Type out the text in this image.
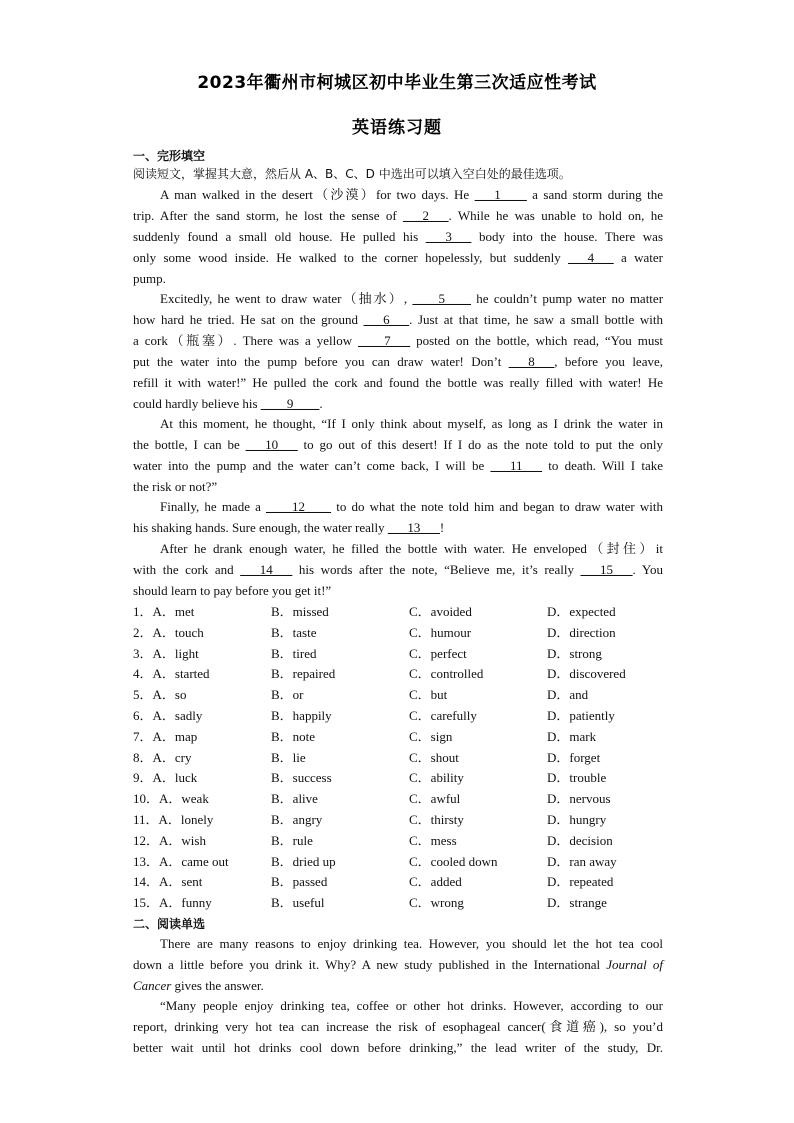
2023年衢州市柯城区初中毕业生第三次适应性考试
英语练习题
一、完形填空
阅读短文，掌握其大意，然后从 A、B、C、D 中选出可以填入空白处的最佳选项。
A man walked in the desert（沙漠）for two days. He ___1____ a sand storm during the
trip. After the sand storm, he lost the sense of ___2___. While he was unable to hold on, he
suddenly found a small old house. He pulled his ___3___ body into the house. There was
only some wood inside. He walked to the corner hopelessly, but suddenly ___4___ a water
pump.
Excitedly, he went to draw water（抽水）, ____5____ he couldn’t pump water no matter
how hard he tried. He sat on the ground ___6___. Just at that time, he saw a small bottle with
a cork（瓶塞）. There was a yellow ____7___ posted on the bottle, which read, “You must
put the water into the pump before you can draw water! Don’t ___8___, before you leave,
refill it with water!” He pulled the cork and found the bottle was really filled with water! He
could hardly believe his ____9____.
At this moment, he thought, “If I only think about myself, as long as I drink the water in
the bottle, I can be ___10___ to go out of this desert! If I do as the note told to put the only
water into the pump and the water can’t come back, I will be ___11___ to death. Will I take
the risk or not?”
Finally, he made a ____12____ to do what the note told him and began to draw water with
his shaking hands. Sure enough, the water really ___13___!
After he drank enough water, he filled the bottle with water. He enveloped（封住）it
with the cork and ___14___ his words after the note, “Believe me, it’s really ___15___. You
should learn to pay before you get it!”
1．A．met	B．missed	C．avoided	D．expected
2．A．touch	B．taste	C．humour	D．direction
3．A．light	B．tired	C．perfect	D．strong
4．A．started	B．repaired	C．controlled	D．discovered
5．A．so	B．or	C．but	D．and
6．A．sadly	B．happily	C．carefully	D．patiently
7．A．map	B．note	C．sign	D．mark
8．A．cry	B．lie	C．shout	D．forget
9．A．luck	B．success	C．ability	D．trouble
10．A．weak	B．alive	C．awful	D．nervous
11．A．lonely	B．angry	C．thirsty	D．hungry
12．A．wish	B．rule	C．mess	D．decision
13．A．came out	B．dried up	C．cooled down	D．ran away
14．A．sent	B．passed	C．added	D．repeated
15．A．funny	B．useful	C．wrong	D．strange
二、阅读单选
There are many reasons to enjoy drinking tea. However, you should let the hot tea cool
down a little before you drink it. Why? A new study published in the International Journal of
Cancer gives the answer.
“Many people enjoy drinking tea, coffee or other hot drinks. However, according to our
report, drinking very hot tea can increase the risk of esophageal cancer(食道癌), so you’d
better wait until hot drinks cool down before drinking,” the lead writer of the study, Dr.
